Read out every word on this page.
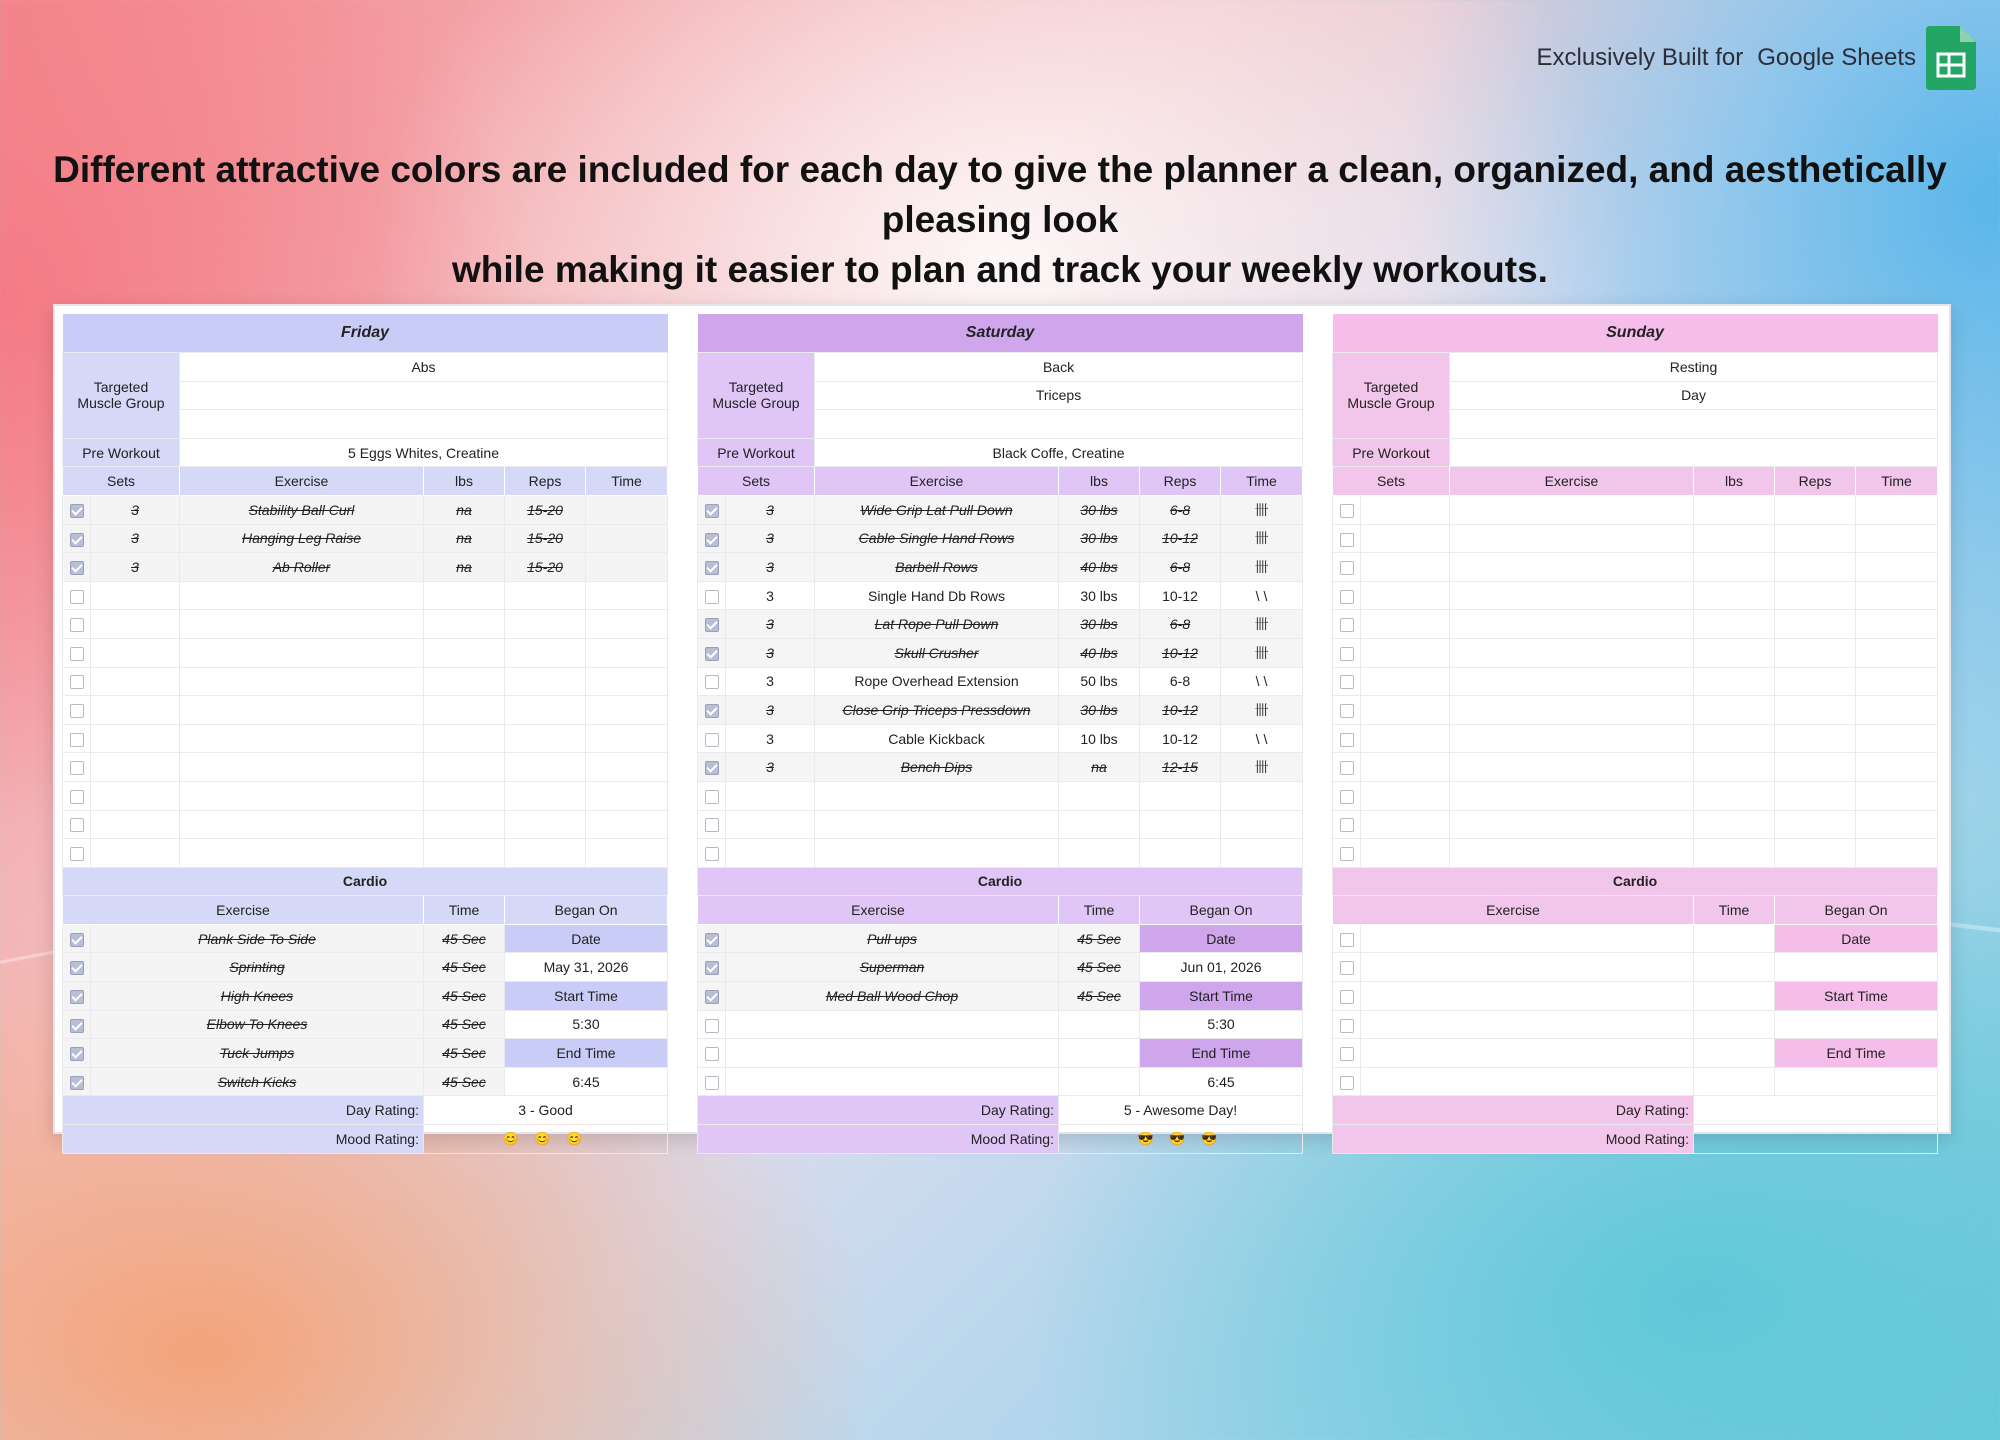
Exclusively Built for Google Sheets
Different attractive colors are included for each day to give the planner a clean, organized, and aesthetically pleasing look
while making it easier to plan and track your weekly workouts.
Friday					
Targeted Muscle Group		Abs			

Pre Workout		5 Eggs Whites, Creatine			
Sets		Exercise	lbs	Reps	Time
	3	Stability Ball Curl	na	15-20	
	3	Hanging Leg Raise	na	15-20	
	3	Ab Roller	na	15-20	

Cardio					
Exercise			Time	Began On	
	Plank Side To Side		45 Sec	Date	
	Sprinting		45 Sec	May 31, 2026	
	High Knees		45 Sec	Start Time	
	Elbow To Knees		45 Sec	5:30	
	Tuck Jumps		45 Sec	End Time	
	Switch Kicks		45 Sec	6:45	
Day Rating:			3 - Good		
Mood Rating:			😊 😊 😊		
Saturday					
Targeted Muscle Group		Back			
		Triceps			

Pre Workout		Black Coffe, Creatine			
Sets		Exercise	lbs	Reps	Time
	3	Wide Grip Lat Pull Down	30 lbs	6-8	卌
	3	Cable Single Hand Rows	30 lbs	10-12	卌
	3	Barbell Rows	40 lbs	6-8	卌
	3	Single Hand Db Rows	30 lbs	10-12	\ \
	3	Lat Rope Pull Down	30 lbs	6-8	卌
	3	Skull Crusher	40 lbs	10-12	卌
	3	Rope Overhead Extension	50 lbs	6-8	\ \
	3	Close Grip Triceps Pressdown	30 lbs	10-12	卌
	3	Cable Kickback	10 lbs	10-12	\ \
	3	Bench Dips	na	12-15	卌

Cardio					
Exercise			Time	Began On	
	Pull ups		45 Sec	Date	
	Superman		45 Sec	Jun 01, 2026	
	Med Ball Wood Chop		45 Sec	Start Time	
				5:30	
				End Time	
				6:45	
Day Rating:			5 - Awesome Day!		
Mood Rating:			😎 😎 😎		
Sunday					
Targeted Muscle Group		Resting			
		Day			

Pre Workout					
Sets		Exercise	lbs	Reps	Time

Cardio					
Exercise			Time	Began On	
				Date	

				Start Time	

				End Time	

Day Rating:					
Mood Rating:					
